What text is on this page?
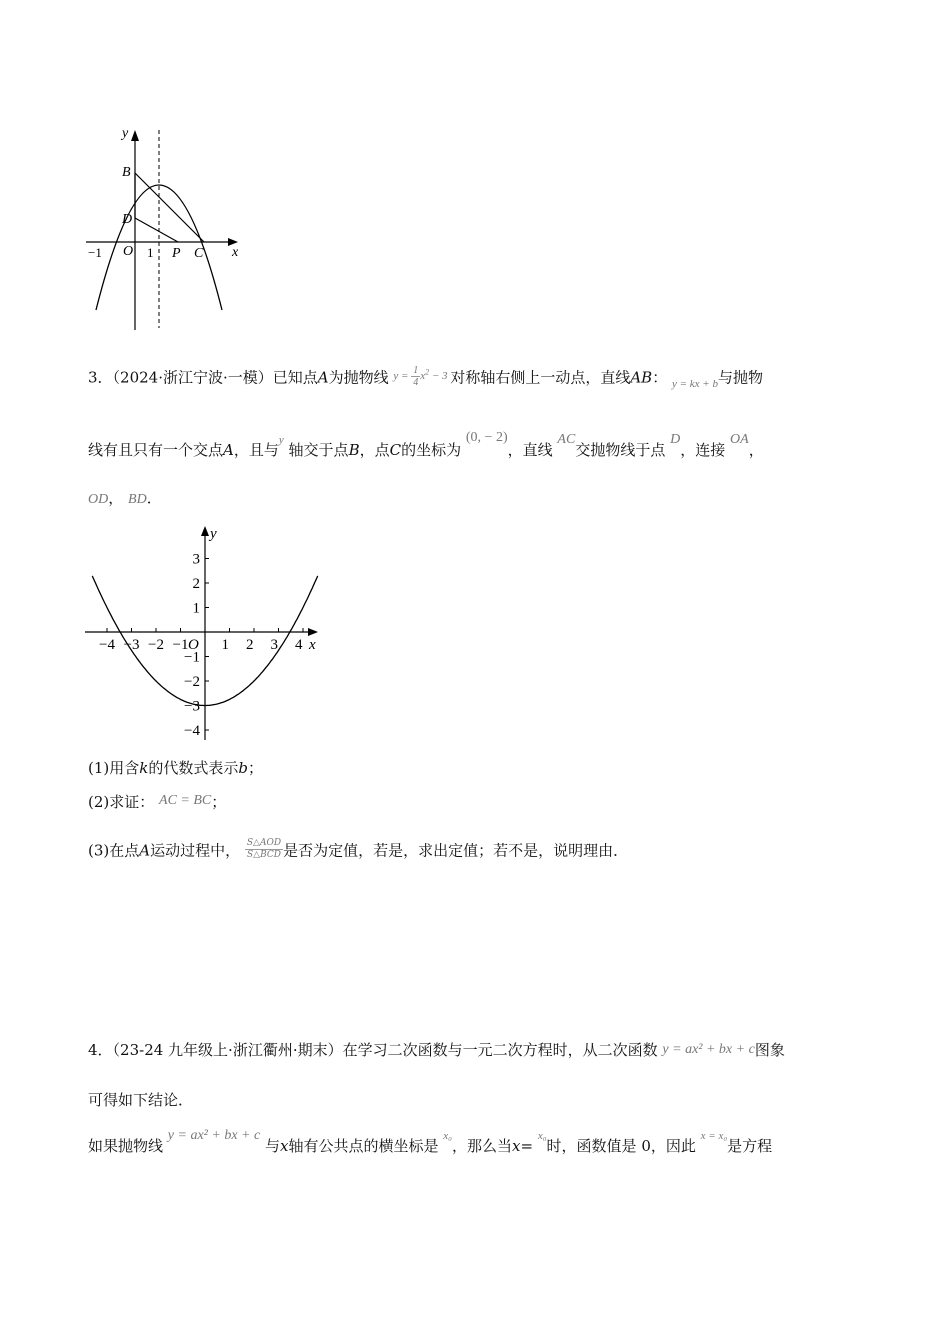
y
x
B
D
O
−1	1 P C
3．（2024·浙江宁波·一模）已知点A为抛物线 $^{y = \frac{1}{4} x^2 - 3}$ 对称轴右侧上一动点，直线AB： $_{y = kx + b}$与抛物
线有且只有一个交点A，且与$^y$ 轴交于点B，点C的坐标为 (0, − 2)，直线 AC交抛物线于点 D，连接 OA，
OD， BD．
−4 −3 −2 −1 1 2 3 4
3
2
1
−1
−2
−3
−4
x
y
O
(1)用含k的代数式表示b；
(2)求证： AC = BC；
(3)在点A运动过程中， $\frac{\text{S△AOD}}{\text{S△BCD}}$ 是否为定值，若是，求出定值；若不是，说明理由．
4．（23-24 九年级上·浙江衢州·期末）在学习二次函数与一元二次方程时，从二次函数 y = ax² + bx + c图象
可得如下结论．
如果抛物线 y = ax² + bx + c 与x轴有公共点的横坐标是 $^{x_0}$，那么当x= $^{x_0}$时，函数值是 0，因此 $^{x = x_0}$是方程
